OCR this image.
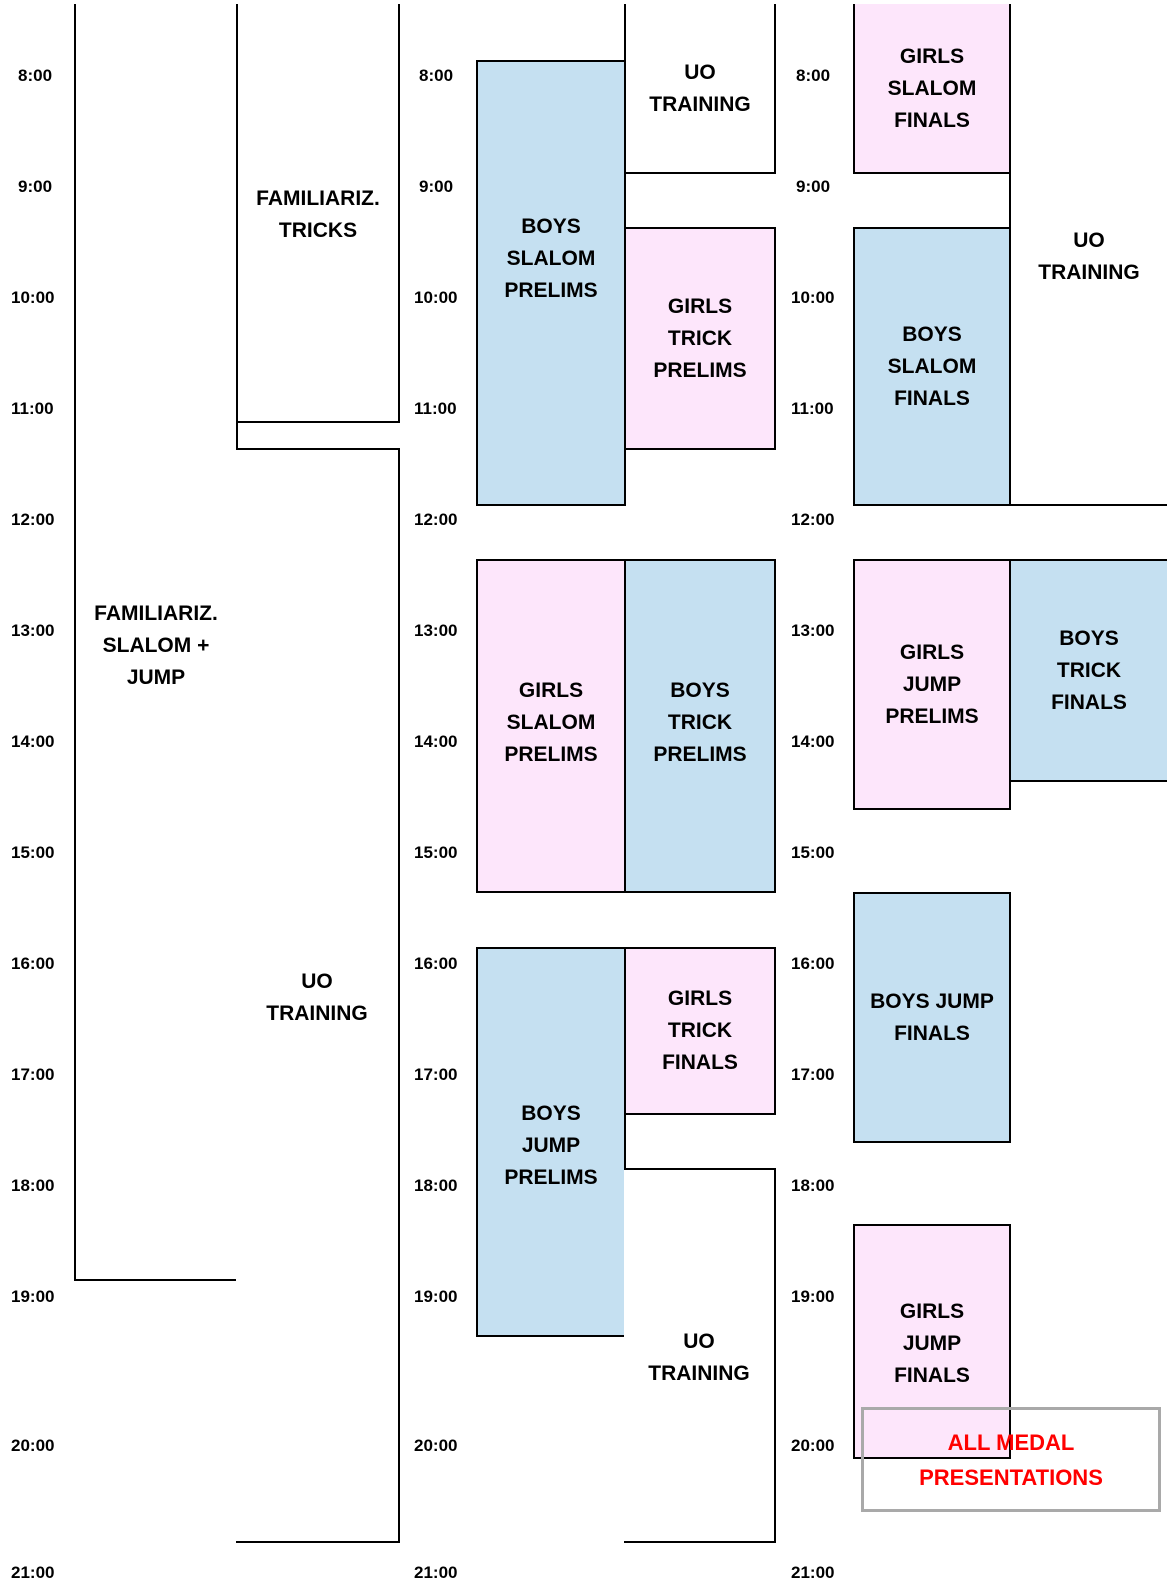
8:00
9:00
10:00
11:00
12:00
13:00
14:00
15:00
16:00
17:00
18:00
19:00
20:00
21:00
8:00
9:00
10:00
11:00
12:00
13:00
14:00
15:00
16:00
17:00
18:00
19:00
20:00
21:00
8:00
9:00
10:00
11:00
12:00
13:00
14:00
15:00
16:00
17:00
18:00
19:00
20:00
21:00
FAMILIARIZ.
SLALOM +
JUMP
FAMILIARIZ.
TRICKS
UO
TRAINING
BOYS
SLALOM
PRELIMS
UO
TRAINING
GIRLS
TRICK
PRELIMS
GIRLS
SLALOM
PRELIMS
BOYS
TRICK
PRELIMS
BOYS
JUMP
PRELIMS
GIRLS
TRICK
FINALS
UO
TRAINING
GIRLS
SLALOM
FINALS
UO
TRAINING
BOYS
SLALOM
FINALS
GIRLS
JUMP
PRELIMS
BOYS
TRICK
FINALS
BOYS JUMP
FINALS
GIRLS
JUMP
FINALS
ALL MEDAL
PRESENTATIONS
